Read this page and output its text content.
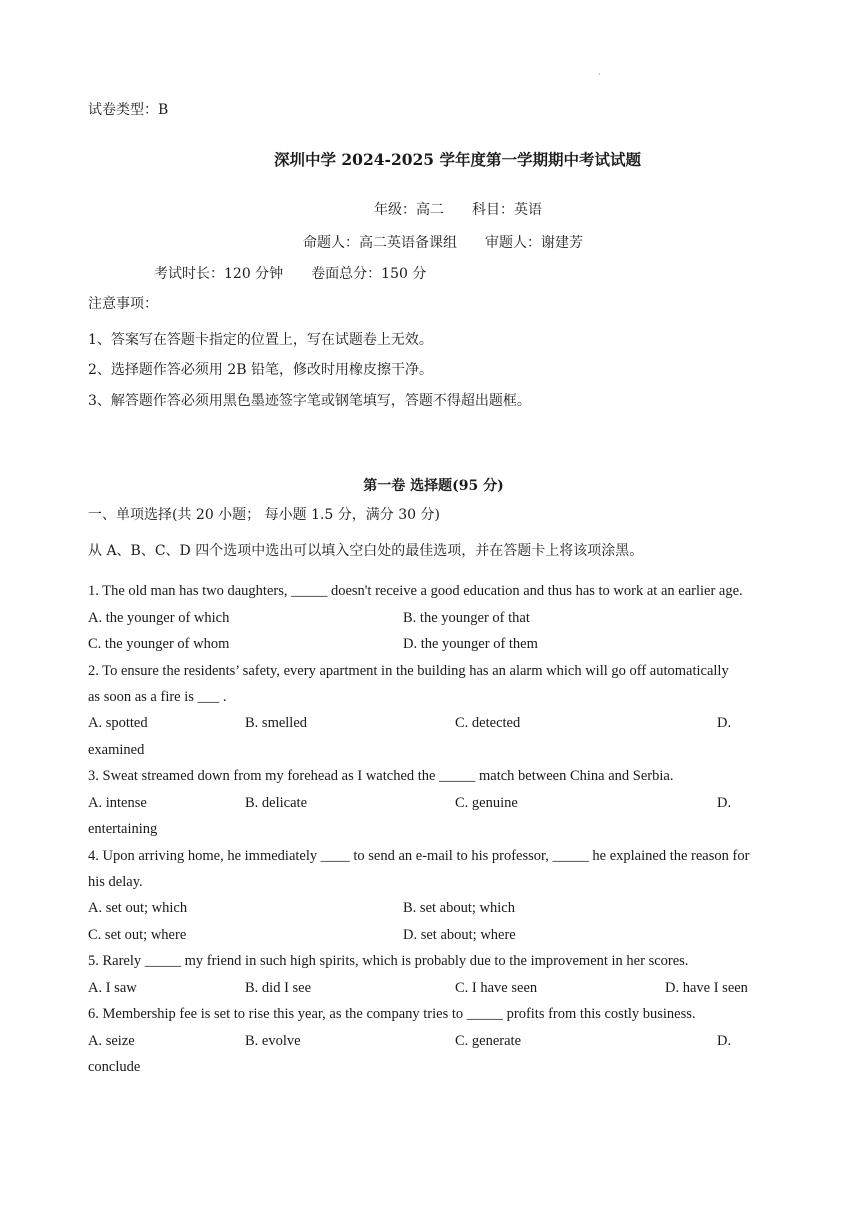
·
试卷类型：B
深圳中学 2024-2025 学年度第一学期期中考试试题
年级：高二　　科目：英语
命题人：高二英语备课组　　审题人：谢建芳
考试时长：120 分钟　　卷面总分：150 分
注意事项：
1、答案写在答题卡指定的位置上，写在试题卷上无效。
2、选择题作答必须用 2B 铅笔，修改时用橡皮擦干净。
3、解答题作答必须用黑色墨迹签字笔或钢笔填写，答题不得超出题框。
第一卷 选择题(95 分)
一、单项选择(共 20 小题； 每小题 1.5 分，满分 30 分)
从 A、B、C、D 四个选项中选出可以填入空白处的最佳选项，并在答题卡上将该项涂黑。
1. The old man has two daughters, _____ doesn't receive a good education and thus has to work at an earlier age.
A. the younger of which	B. the younger of that
C. the younger of whom	D. the younger of them
2. To ensure the residents’ safety, every apartment in the building has an alarm which will go off automatically
as soon as a fire is ___ .
A. spotted	B. smelled	C. detected	D.
examined
3. Sweat streamed down from my forehead as I watched the _____ match between China and Serbia.
A. intense	B. delicate	C. genuine	D.
entertaining
4. Upon arriving home, he immediately ____ to send an e-mail to his professor, _____ he explained the reason for
his delay.
A. set out; which	B. set about; which
C. set out; where	D. set about; where
5. Rarely _____ my friend in such high spirits, which is probably due to the improvement in her scores.
A. I saw	B. did I see	C. I have seen	D. have I seen
6. Membership fee is set to rise this year, as the company tries to _____ profits from this costly business.
A. seize	B. evolve	C. generate	D.
conclude
